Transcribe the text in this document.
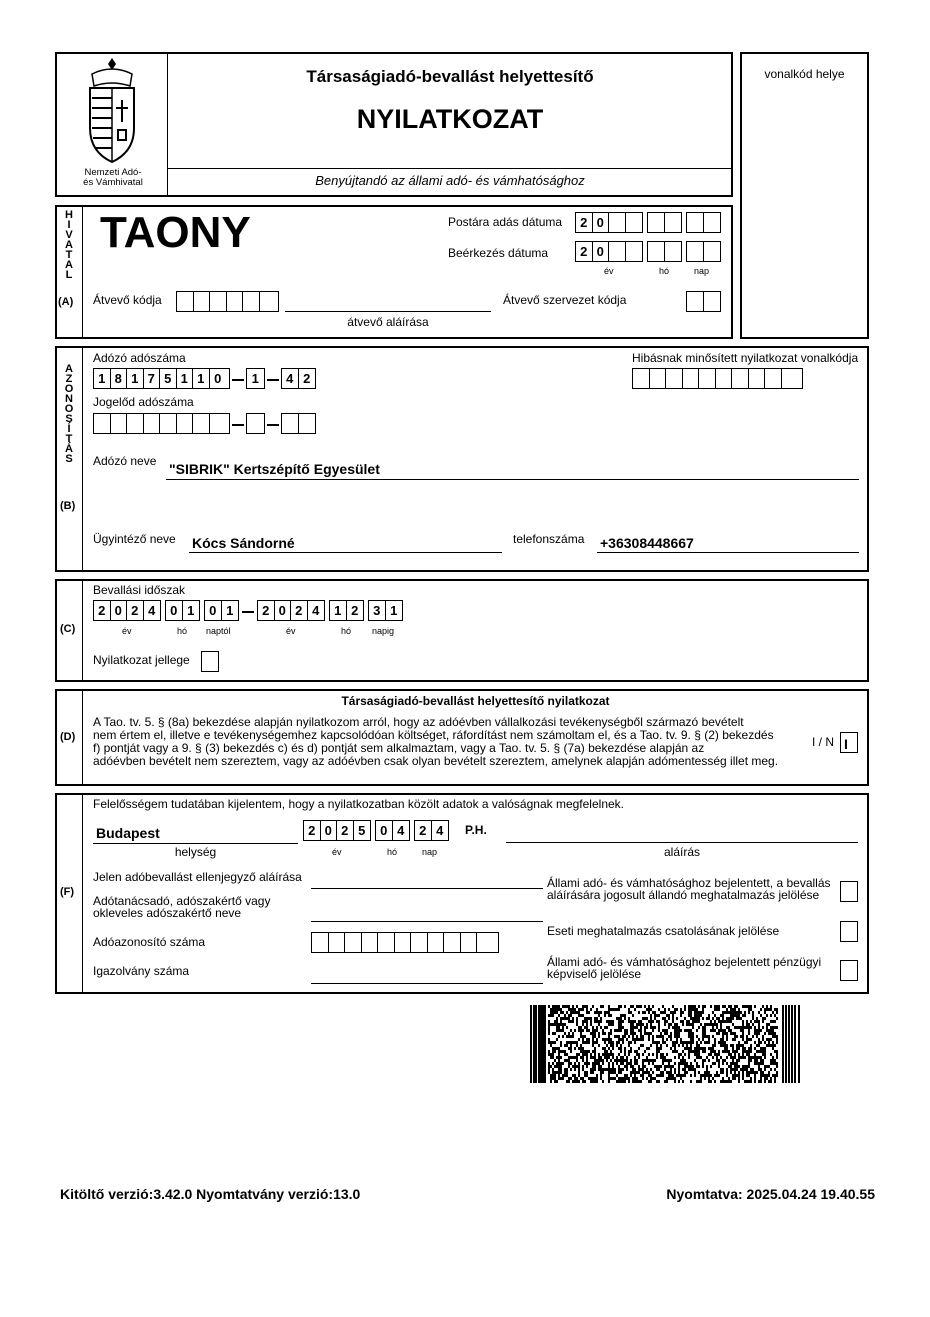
Nemzeti Adó-
és Vámhivatal
Társaságiadó-bevallást helyettesítő
NYILATKOZAT
Benyújtandó az állami adó- és vámhatósághoz
vonalkód helye
H
I
V
A
T
A
L
(A)
TAONY	Postára adás dátuma	2 0
Beérkezés dátuma	2 0
év	hó	nap
Átvevő kódja
átvevő aláírása
Átvevő szervezet kódja
A
Z
O
N
O
S
Í
T
Á
S
(B)
Adózó adószáma
1 8 1 7 5 1 1 0	1	4 2
Hibásnak minősített nyilatkozat vonalkódja
Jogelőd adószáma
Adózó neve "SIBRIK" Kertszépítő Egyesület
Ügyintéző neve Kócs Sándorné	telefonszáma +36308448667
(C)
Bevallási időszak
2 0 2 4	0 1	0 1	2 0 2 4	1 2	3 1
év	hó naptól	év	hó napig
Nyilatkozat jellege
(D)
Társaságiadó-bevallást helyettesítő nyilatkozat
A Tao. tv. 5. § (8a) bekezdése alapján nyilatkozom arról, hogy az adóévben vállalkozási tevékenységből származó bevételt
nem értem el, illetve e tevékenységemhez kapcsolódóan költséget, ráfordítást nem számoltam el, és a Tao. tv. 9. § (2) bekezdés
f) pontját vagy a 9. § (3) bekezdés c) és d) pontját sem alkalmaztam, vagy a Tao. tv. 5. § (7a) bekezdése alapján az
adóévben bevételt nem szereztem, vagy az adóévben csak olyan bevételt szereztem, amelynek alapján adómentesség illet meg.
I / N I
(F)
Felelősségem tudatában kijelentem, hogy a nyilatkozatban közölt adatok a valóságnak megfelelnek.
Budapest
helység
2 0 2 5	0 4	2 4
év	hó	nap
P.H.
aláírás
Jelen adóbevallást ellenjegyző aláírása
Adótanácsadó, adószakértő vagy
okleveles adószakértő neve
Adóazonosító száma
Igazolvány száma
Állami adó- és vámhatósághoz bejelentett, a bevallás
aláírására jogosult állandó meghatalmazás jelölése
Eseti meghatalmazás csatolásának jelölése
Állami adó- és vámhatósághoz bejelentett pénzügyi
képviselő jelölése
Kitöltő verzió:3.42.0 Nyomtatvány verzió:13.0	Nyomtatva: 2025.04.24 19.40.55
